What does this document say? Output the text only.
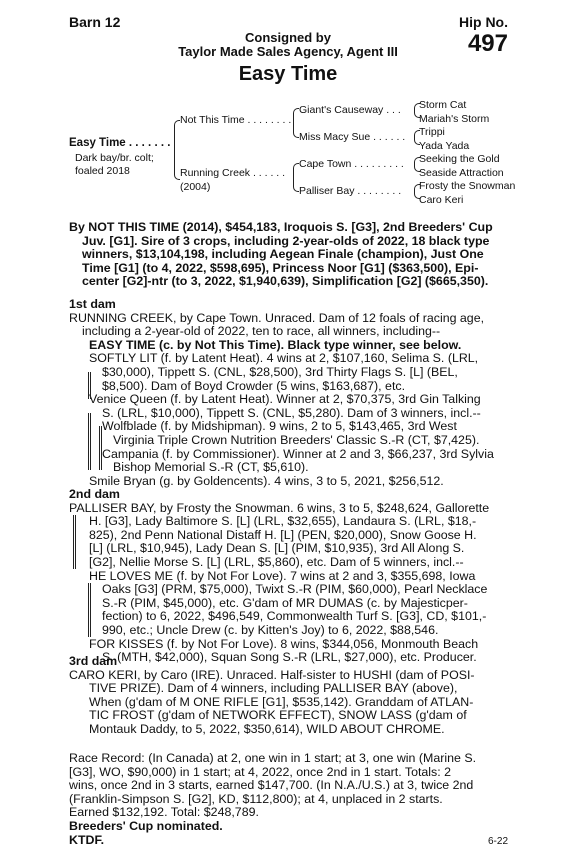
Barn 12	Hip No.
497
Consigned by
Taylor Made Sales Agency, Agent III
Easy Time
Easy Time . . . . . . .
Dark bay/br. colt;
foaled 2018
Not This Time . . . . . . . .
Running Creek . . . . . .
(2004)
Giant's Causeway . . .
Miss Macy Sue . . . . . .
Cape Town . . . . . . . . .
Palliser Bay . . . . . . . .
Storm Cat
Mariah's Storm
Trippi
Yada Yada
Seeking the Gold
Seaside Attraction
Frosty the Snowman
Caro Keri
By NOT THIS TIME (2014), $454,183, Iroquois S. [G3], 2nd Breeders' Cup
Juv. [G1]. Sire of 3 crops, including 2-year-olds of 2022, 18 black type
winners, $13,104,198, including Aegean Finale (champion), Just One
Time [G1] (to 4, 2022, $598,695), Princess Noor [G1] ($363,500), Epi-
center [G2]-ntr (to 3, 2022, $1,940,639), Simplification [G2] ($665,350).
1st dam
RUNNING CREEK, by Cape Town. Unraced. Dam of 12 foals of racing age,
including a 2-year-old of 2022, ten to race, all winners, including--
EASY TIME (c. by Not This Time). Black type winner, see below.
SOFTLY LIT (f. by Latent Heat). 4 wins at 2, $107,160, Selima S. (LRL,
$30,000), Tippett S. (CNL, $28,500), 3rd Thirty Flags S. [L] (BEL,
$8,500). Dam of Boyd Crowder (5 wins, $163,687), etc.
Venice Queen (f. by Latent Heat). Winner at 2, $70,375, 3rd Gin Talking
S. (LRL, $10,000), Tippett S. (CNL, $5,280). Dam of 3 winners, incl.--
Wolfblade (f. by Midshipman). 9 wins, 2 to 5, $143,465, 3rd West
Virginia Triple Crown Nutrition Breeders' Classic S.-R (CT, $7,425).
Campania (f. by Commissioner). Winner at 2 and 3, $66,237, 3rd Sylvia
Bishop Memorial S.-R (CT, $5,610).
Smile Bryan (g. by Goldencents). 4 wins, 3 to 5, 2021, $256,512.
2nd dam
PALLISER BAY, by Frosty the Snowman. 6 wins, 3 to 5, $248,624, Gallorette
H. [G3], Lady Baltimore S. [L] (LRL, $32,655), Landaura S. (LRL, $18,-
825), 2nd Penn National Distaff H. [L] (PEN, $20,000), Snow Goose H.
[L] (LRL, $10,945), Lady Dean S. [L] (PIM, $10,935), 3rd All Along S.
[G2], Nellie Morse S. [L] (LRL, $5,860), etc. Dam of 5 winners, incl.--
HE LOVES ME (f. by Not For Love). 7 wins at 2 and 3, $355,698, Iowa
Oaks [G3] (PRM, $75,000), Twixt S.-R (PIM, $60,000), Pearl Necklace
S.-R (PIM, $45,000), etc. G'dam of MR DUMAS (c. by Majesticper-
fection) to 6, 2022, $496,549, Commonwealth Turf S. [G3], CD, $101,-
990, etc.; Uncle Drew (c. by Kitten's Joy) to 6, 2022, $88,546.
FOR KISSES (f. by Not For Love). 8 wins, $344,056, Monmouth Beach
S. (MTH, $42,000), Squan Song S.-R (LRL, $27,000), etc. Producer.
3rd dam
CARO KERI, by Caro (IRE). Unraced. Half-sister to HUSHI (dam of POSI-
TIVE PRIZE). Dam of 4 winners, including PALLISER BAY (above),
When (g'dam of M ONE RIFLE [G1], $535,142). Granddam of ATLAN-
TIC FROST (g'dam of NETWORK EFFECT), SNOW LASS (g'dam of
Montauk Daddy, to 5, 2022, $350,614), WILD ABOUT CHROME.
Race Record: (In Canada) at 2, one win in 1 start; at 3, one win (Marine S.
[G3], WO, $90,000) in 1 start; at 4, 2022, once 2nd in 1 start. Totals: 2
wins, once 2nd in 3 starts, earned $147,700. (In N.A./U.S.) at 3, twice 2nd
(Franklin-Simpson S. [G2], KD, $112,800); at 4, unplaced in 2 starts.
Earned $132,192. Total: $248,789.
Breeders' Cup nominated.
KTDF.	6-22
